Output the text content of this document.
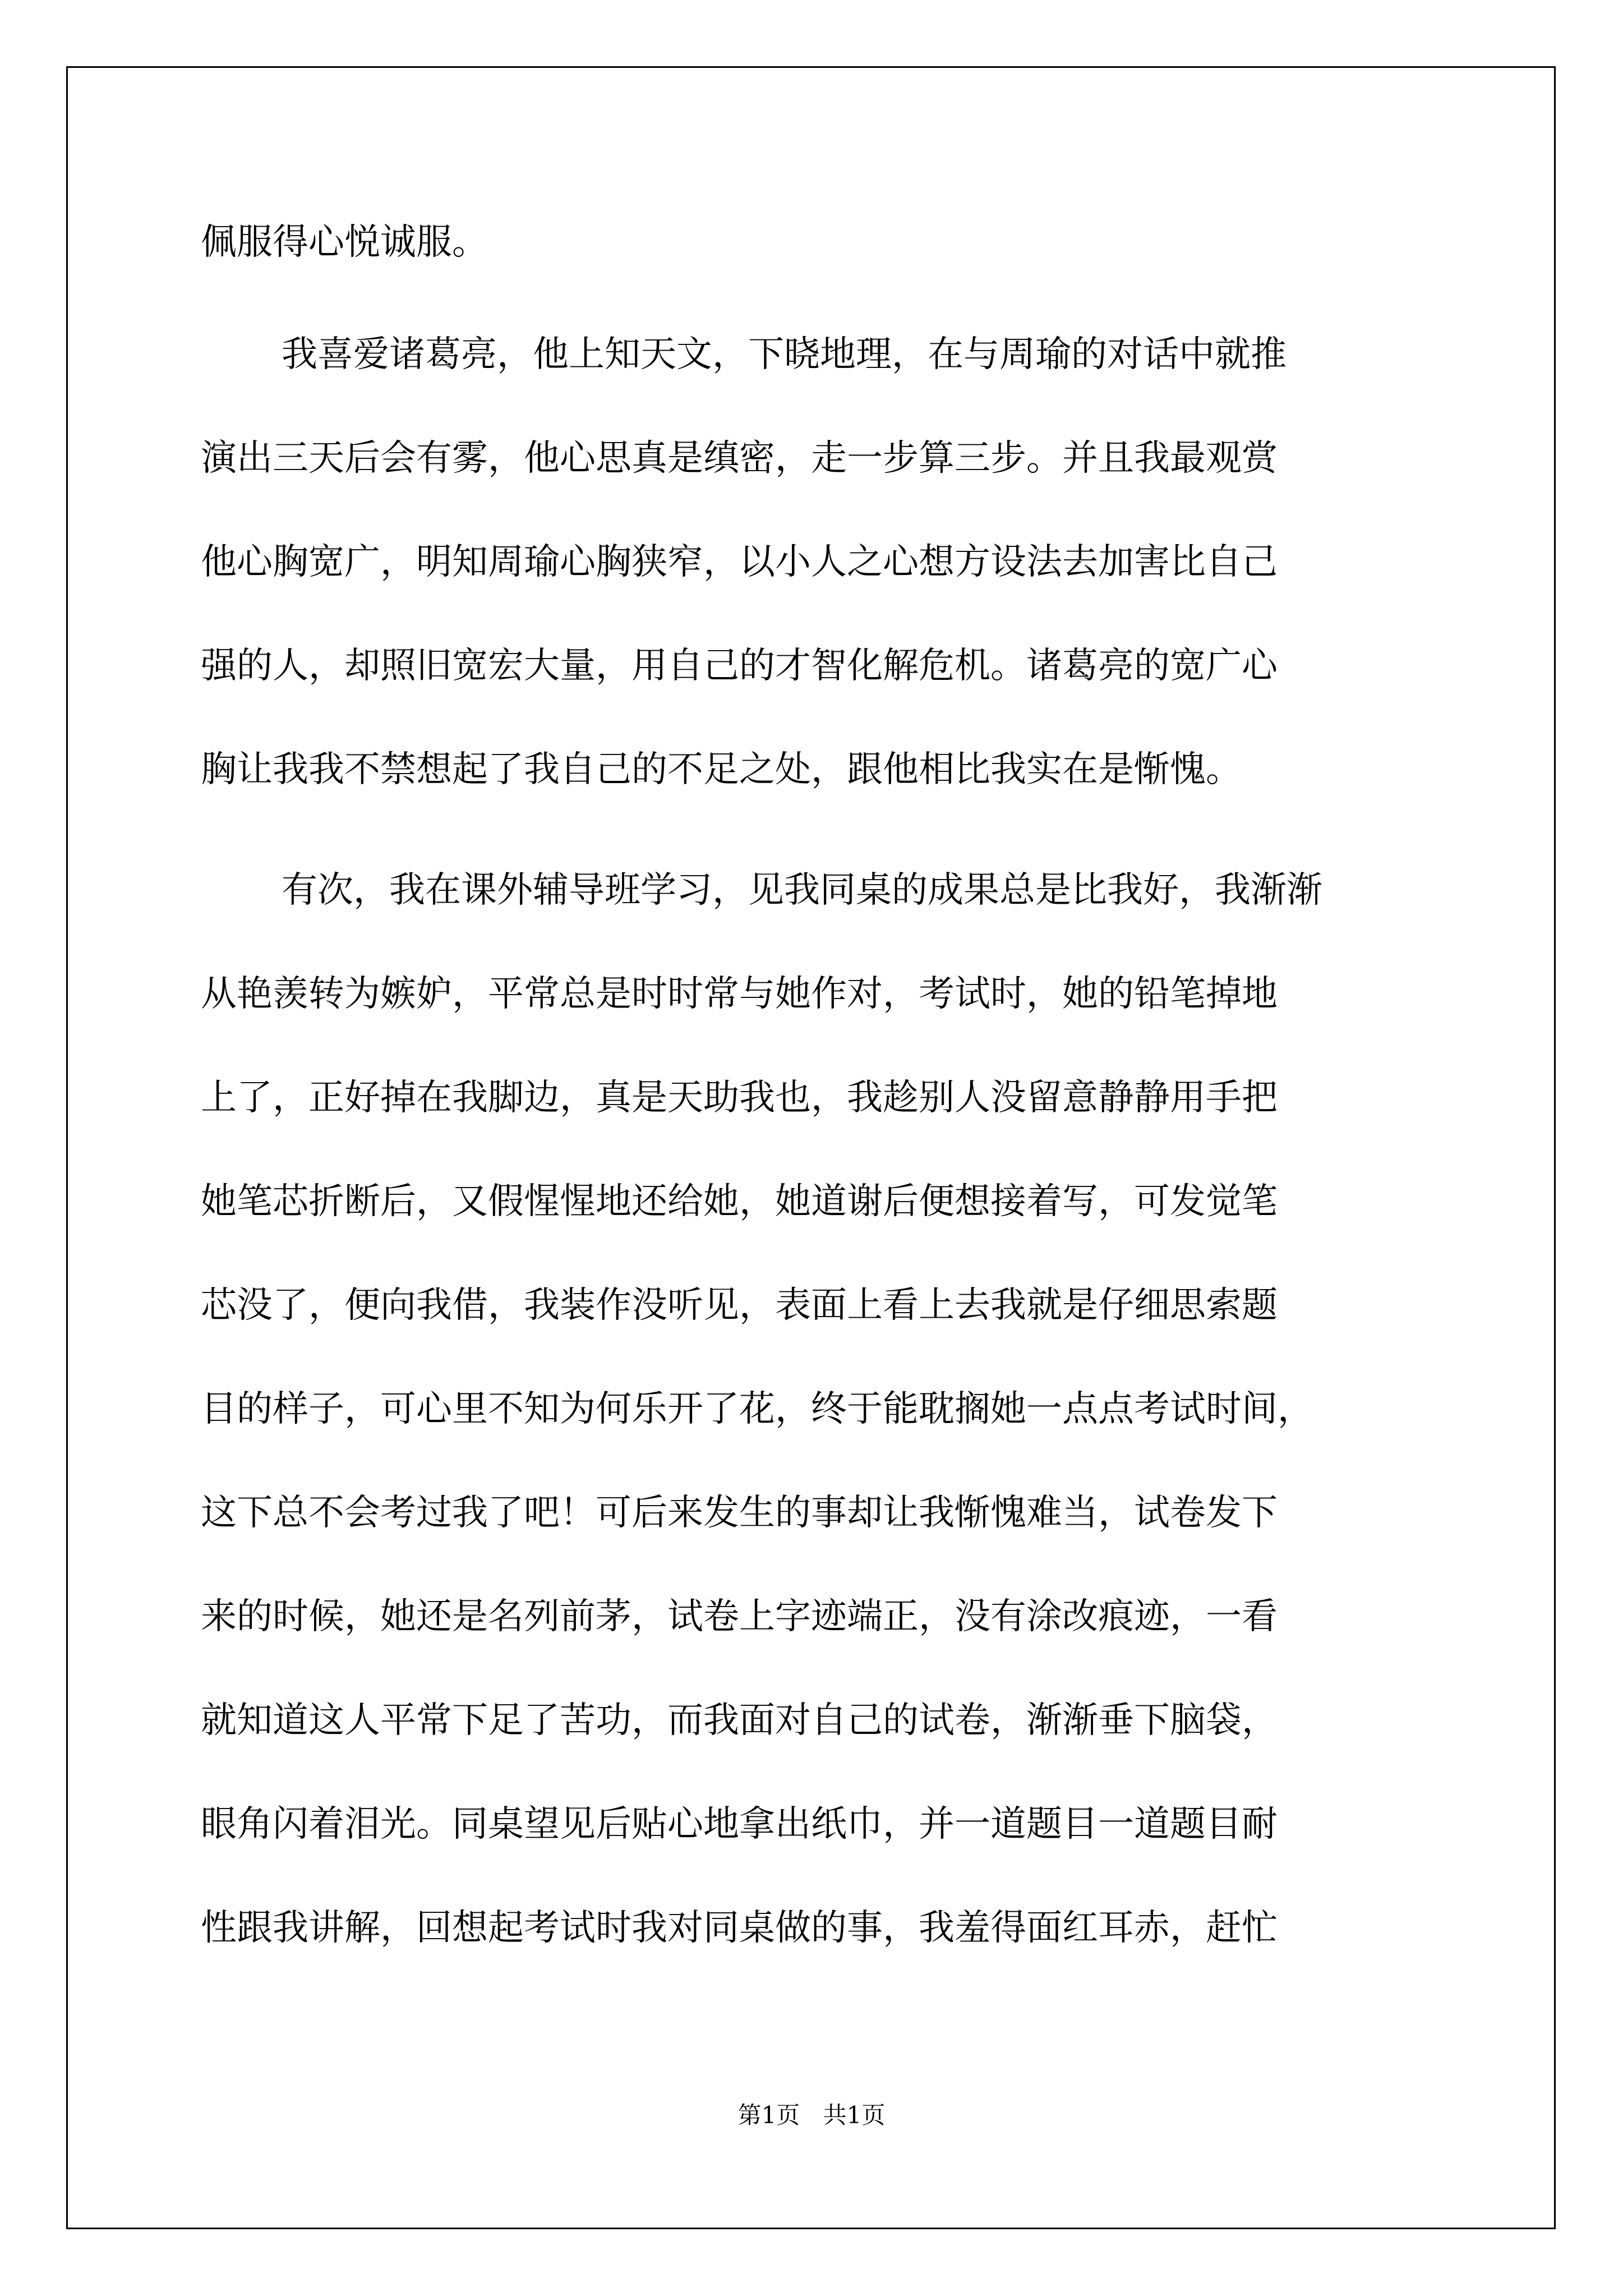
佩服得心悦诚服。
我喜爱诸葛亮，他上知天文，下晓地理，在与周瑜的对话中就推
演出三天后会有雾，他心思真是缜密，走一步算三步。并且我最观赏
他心胸宽广，明知周瑜心胸狭窄，以小人之心想方设法去加害比自己
强的人，却照旧宽宏大量，用自己的才智化解危机。诸葛亮的宽广心
胸让我我不禁想起了我自己的不足之处，跟他相比我实在是惭愧。
有次，我在课外辅导班学习，见我同桌的成果总是比我好，我渐渐
从艳羡转为嫉妒，平常总是时时常与她作对，考试时，她的铅笔掉地
上了，正好掉在我脚边，真是天助我也，我趁别人没留意静静用手把
她笔芯折断后，又假惺惺地还给她，她道谢后便想接着写，可发觉笔
芯没了，便向我借，我装作没听见，表面上看上去我就是仔细思索题
目的样子，可心里不知为何乐开了花，终于能耽搁她一点点考试时间，
这下总不会考过我了吧！可后来发生的事却让我惭愧难当，试卷发下
来的时候，她还是名列前茅，试卷上字迹端正，没有涂改痕迹，一看
就知道这人平常下足了苦功，而我面对自己的试卷，渐渐垂下脑袋，
眼角闪着泪光。同桌望见后贴心地拿出纸巾，并一道题目一道题目耐
性跟我讲解，回想起考试时我对同桌做的事，我羞得面红耳赤，赶忙
第1页 共1页
